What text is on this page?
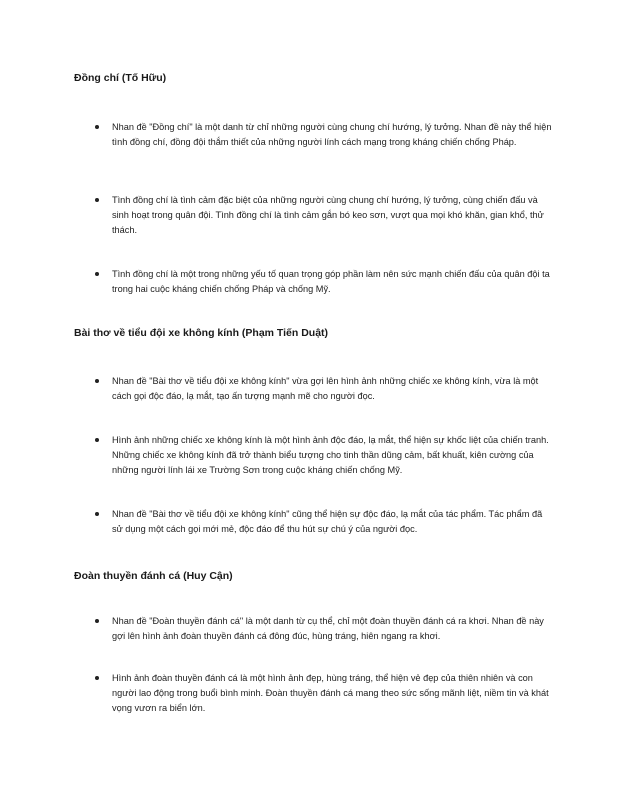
Đồng chí (Tố Hữu)
Nhan đề "Đồng chí" là một danh từ chỉ những người cùng chung chí hướng, lý tưởng. Nhan đề này thể hiện tình đồng chí, đồng đội thắm thiết của những người lính cách mạng trong kháng chiến chống Pháp.
Tình đồng chí là tình cảm đặc biệt của những người cùng chung chí hướng, lý tưởng, cùng chiến đấu và sinh hoạt trong quân đội. Tình đồng chí là tình cảm gắn bó keo sơn, vượt qua mọi khó khăn, gian khổ, thử thách.
Tình đồng chí là một trong những yếu tố quan trọng góp phần làm nên sức mạnh chiến đấu của quân đội ta trong hai cuộc kháng chiến chống Pháp và chống Mỹ.
Bài thơ về tiểu đội xe không kính (Phạm Tiến Duật)
Nhan đề "Bài thơ về tiểu đội xe không kính" vừa gợi lên hình ảnh những chiếc xe không kính, vừa là một cách gọi độc đáo, lạ mắt, tạo ấn tượng mạnh mẽ cho người đọc.
Hình ảnh những chiếc xe không kính là một hình ảnh độc đáo, lạ mắt, thể hiện sự khốc liệt của chiến tranh. Những chiếc xe không kính đã trở thành biểu tượng cho tinh thần dũng cảm, bất khuất, kiên cường của những người lính lái xe Trường Sơn trong cuộc kháng chiến chống Mỹ.
Nhan đề "Bài thơ về tiểu đội xe không kính" cũng thể hiện sự độc đáo, lạ mắt của tác phẩm. Tác phẩm đã sử dụng một cách gọi mới mẻ, độc đáo để thu hút sự chú ý của người đọc.
Đoàn thuyền đánh cá (Huy Cận)
Nhan đề "Đoàn thuyền đánh cá" là một danh từ cụ thể, chỉ một đoàn thuyền đánh cá ra khơi. Nhan đề này gợi lên hình ảnh đoàn thuyền đánh cá đông đúc, hùng tráng, hiên ngang ra khơi.
Hình ảnh đoàn thuyền đánh cá là một hình ảnh đẹp, hùng tráng, thể hiện vẻ đẹp của thiên nhiên và con người lao động trong buổi bình minh. Đoàn thuyền đánh cá mang theo sức sống mãnh liệt, niềm tin và khát vọng vươn ra biển lớn.
